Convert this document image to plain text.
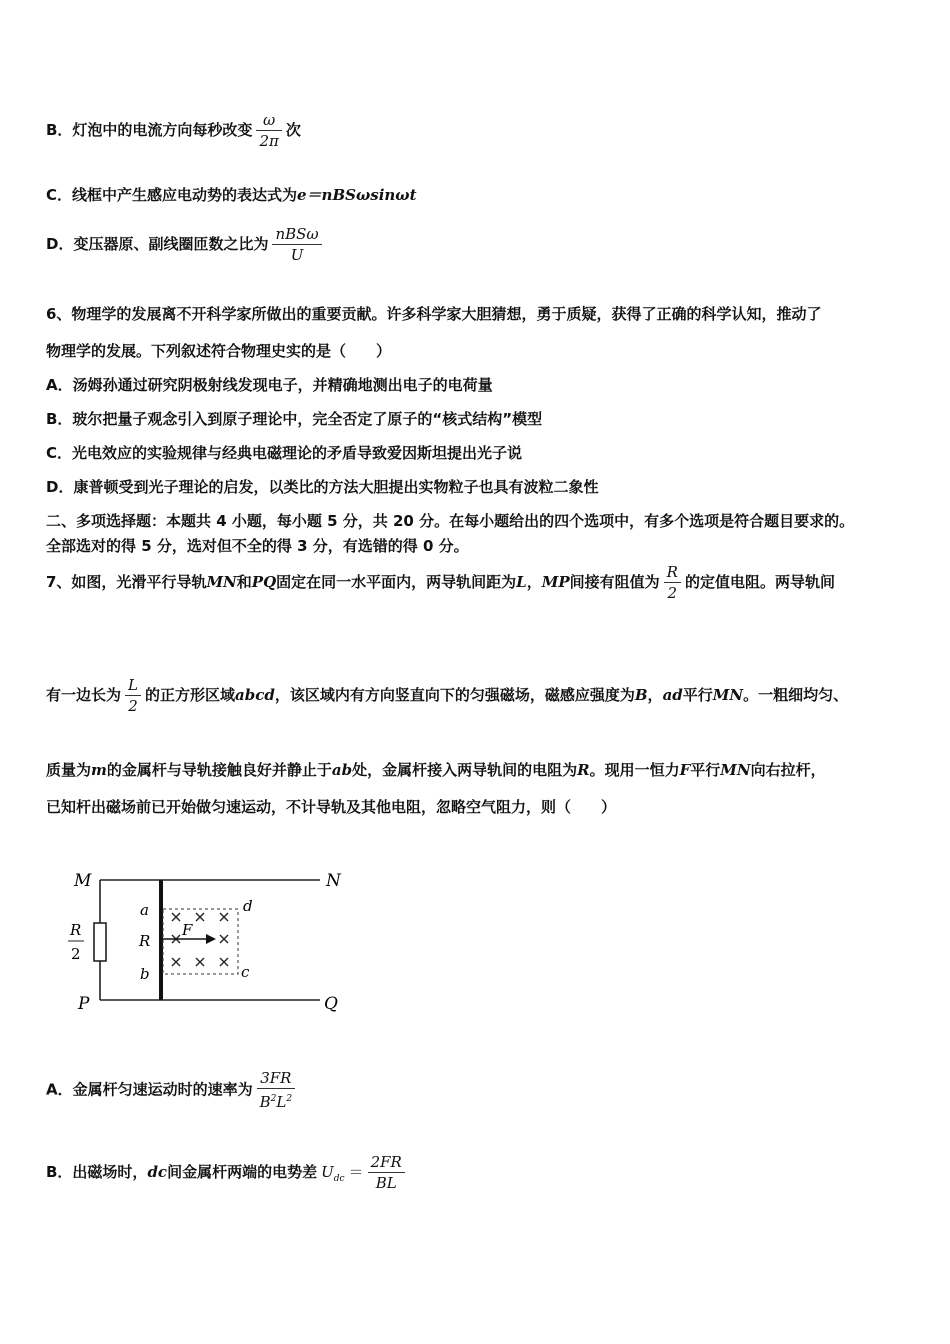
B．灯泡中的电流方向每秒改变 $\frac{\omega}{2\pi}$ 次
C．线框中产生感应电动势的表达式为e＝nBSωsinωt
D．变压器原、副线圈匝数之比为 $\frac{\text{nBSω}}{U}$
6、物理学的发展离不开科学家所做出的重要贡献。许多科学家大胆猜想，勇于质疑，获得了正确的科学认知，推动了
物理学的发展。下列叙述符合物理史实的是（　　）
A．汤姆孙通过研究阴极射线发现电子，并精确地测出电子的电荷量
B．玻尔把量子观念引入到原子理论中，完全否定了原子的“核式结构”模型
C．光电效应的实验规律与经典电磁理论的矛盾导致爱因斯坦提出光子说
D．康普顿受到光子理论的启发，以类比的方法大胆提出实物粒子也具有波粒二象性
二、多项选择题：本题共 4 小题，每小题 5 分，共 20 分。在每小题给出的四个选项中，有多个选项是符合题目要求的。
全部选对的得 5 分，选对但不全的得 3 分，有选错的得 0 分。
7、如图，光滑平行导轨MN和PQ固定在同一水平面内，两导轨间距为L，MP间接有阻值为 $\frac{R}{2}$ 的定值电阻。两导轨间
有一边长为 $\frac{L}{2}$ 的正方形区域abcd，该区域内有方向竖直向下的匀强磁场，磁感应强度为B，ad平行MN。一粗细均匀、
质量为m的金属杆与导轨接触良好并静止于ab处，金属杆接入两导轨间的电阻为R。现用一恒力F平行MN向右拉杆，
已知杆出磁场前已开始做匀速运动，不计导轨及其他电阻，忽略空气阻力，则（　　）
M	N
P	Q
a
R
b
d
c
F
R
2
A．金属杆匀速运动时的速率为 $\frac{3FR}{B^2L^2}$
B．出磁场时，dc间金属杆两端的电势差 $U_{dc} = \frac{2FR}{BL}$
